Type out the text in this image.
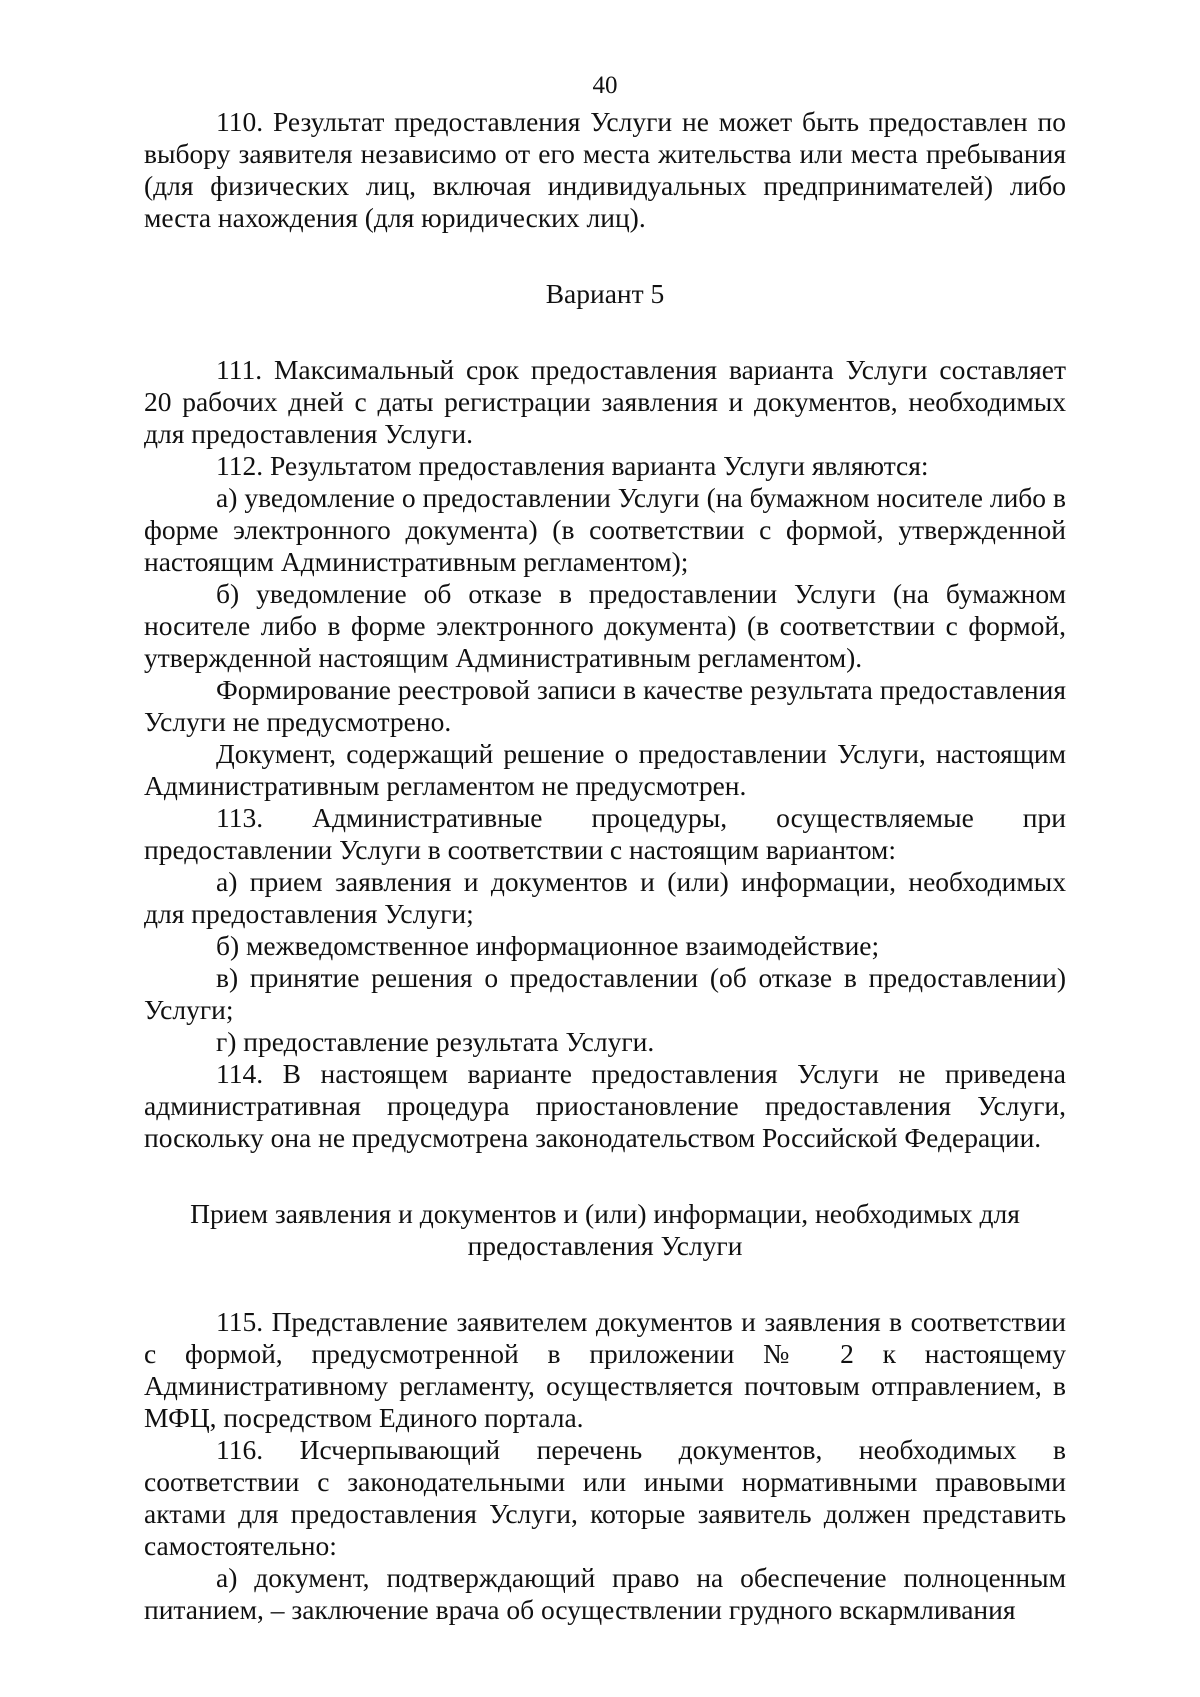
40

110. Результат предоставления Услуги не может быть предоставлен по выбору заявителя независимо от его места жительства или места пребывания (для физических лиц, включая индивидуальных предпринимателей) либо места нахождения (для юридических лиц).

Вариант 5

111. Максимальный срок предоставления варианта Услуги составляет 20 рабочих дней с даты регистрации заявления и документов, необходимых для предоставления Услуги.

112. Результатом предоставления варианта Услуги являются:

а) уведомление о предоставлении Услуги (на бумажном носителе либо в форме электронного документа) (в соответствии с формой, утвержденной настоящим Административным регламентом);

б) уведомление об отказе в предоставлении Услуги (на бумажном носителе либо в форме электронного документа) (в соответствии с формой, утвержденной настоящим Административным регламентом).

Формирование реестровой записи в качестве результата предоставления Услуги не предусмотрено.

Документ, содержащий решение о предоставлении Услуги, настоящим Административным регламентом не предусмотрен.

113. Административные процедуры, осуществляемые при предоставлении Услуги в соответствии с настоящим вариантом:

а) прием заявления и документов и (или) информации, необходимых для предоставления Услуги;

б) межведомственное информационное взаимодействие;

в) принятие решения о предоставлении (об отказе в предоставлении) Услуги;

г) предоставление результата Услуги.

114. В настоящем варианте предоставления Услуги не приведена административная процедура приостановление предоставления Услуги, поскольку она не предусмотрена законодательством Российской Федерации.

Прием заявления и документов и (или) информации, необходимых для

предоставления Услуги

115. Представление заявителем документов и заявления в соответствии с формой, предусмотренной в приложении № 2 к настоящему Административному регламенту, осуществляется почтовым отправлением, в МФЦ, посредством Единого портала.

116. Исчерпывающий перечень документов, необходимых в соответствии с законодательными или иными нормативными правовыми актами для предоставления Услуги, которые заявитель должен представить самостоятельно:

а) документ, подтверждающий право на обеспечение полноценным питанием, – заключение врача об осуществлении грудного вскармливания
